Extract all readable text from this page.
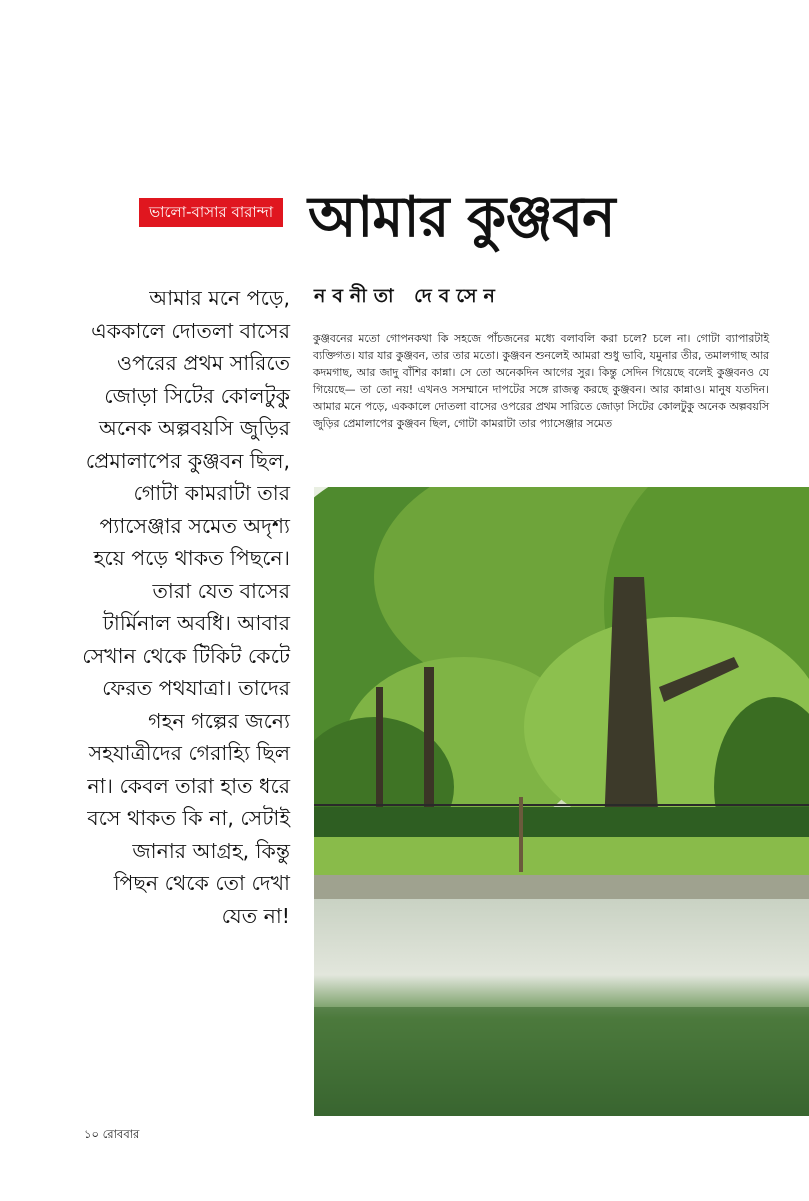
ভালো-বাসার বারান্দা আমার কুঞ্জবন
নবনীতা দেবসেন
আমার মনে পড়ে, এককালে দোতলা বাসের ওপরের প্রথম সারিতে জোড়া সিটের কোলটুকু অনেক অল্পবয়সি জুড়ির প্রেমালাপের কুঞ্জবন ছিল, গোটা কামরাটা তার প্যাসেঞ্জার সমেত অদৃশ্য হয়ে পড়ে থাকত পিছনে। তারা যেত বাসের টার্মিনাল অবধি। আবার সেখান থেকে টিকিট কেটে ফেরত পথযাত্রা। তাদের গহন গল্পের জন্যে সহযাত্রীদের গেরাহ্যি ছিল না। কেবল তারা হাত ধরে বসে থাকত কি না, সেটাই জানার আগ্রহ, কিন্তু পিছন থেকে তো দেখা যেত না!
কুঞ্জবনের মতো গোপনকথা কি সহজে পাঁচজনের মধ্যে বলাবলি করা চলে? চলে না। গোটা ব্যাপারটাই ব্যক্তিগত। যার যার কুঞ্জবন, তার তার মতো। কুঞ্জবন শুনলেই আমরা শুধু ভাবি, যমুনার তীর, তমালগাছ আর কদমগাছ, আর জাদু বাঁশির কান্না। সে তো অনেকদিন আগের সুর। কিন্তু সেদিন গিয়েছে বলেই কুঞ্জবনও যে গিয়েছে— তা তো নয়! এখনও সসম্মানে দাপটের সঙ্গে রাজত্ব করছে কুঞ্জবন। আর কান্নাও। মানুষ যতদিন। আমার মনে পড়ে, এককালে দোতলা বাসের ওপরের প্রথম সারিতে জোড়া সিটের কোলটুকু অনেক অল্পবয়সি জুড়ির প্রেমালাপের কুঞ্জবন ছিল, গোটা কামরাটা তার প্যাসেঞ্জার সমেত
১০ রোববার
